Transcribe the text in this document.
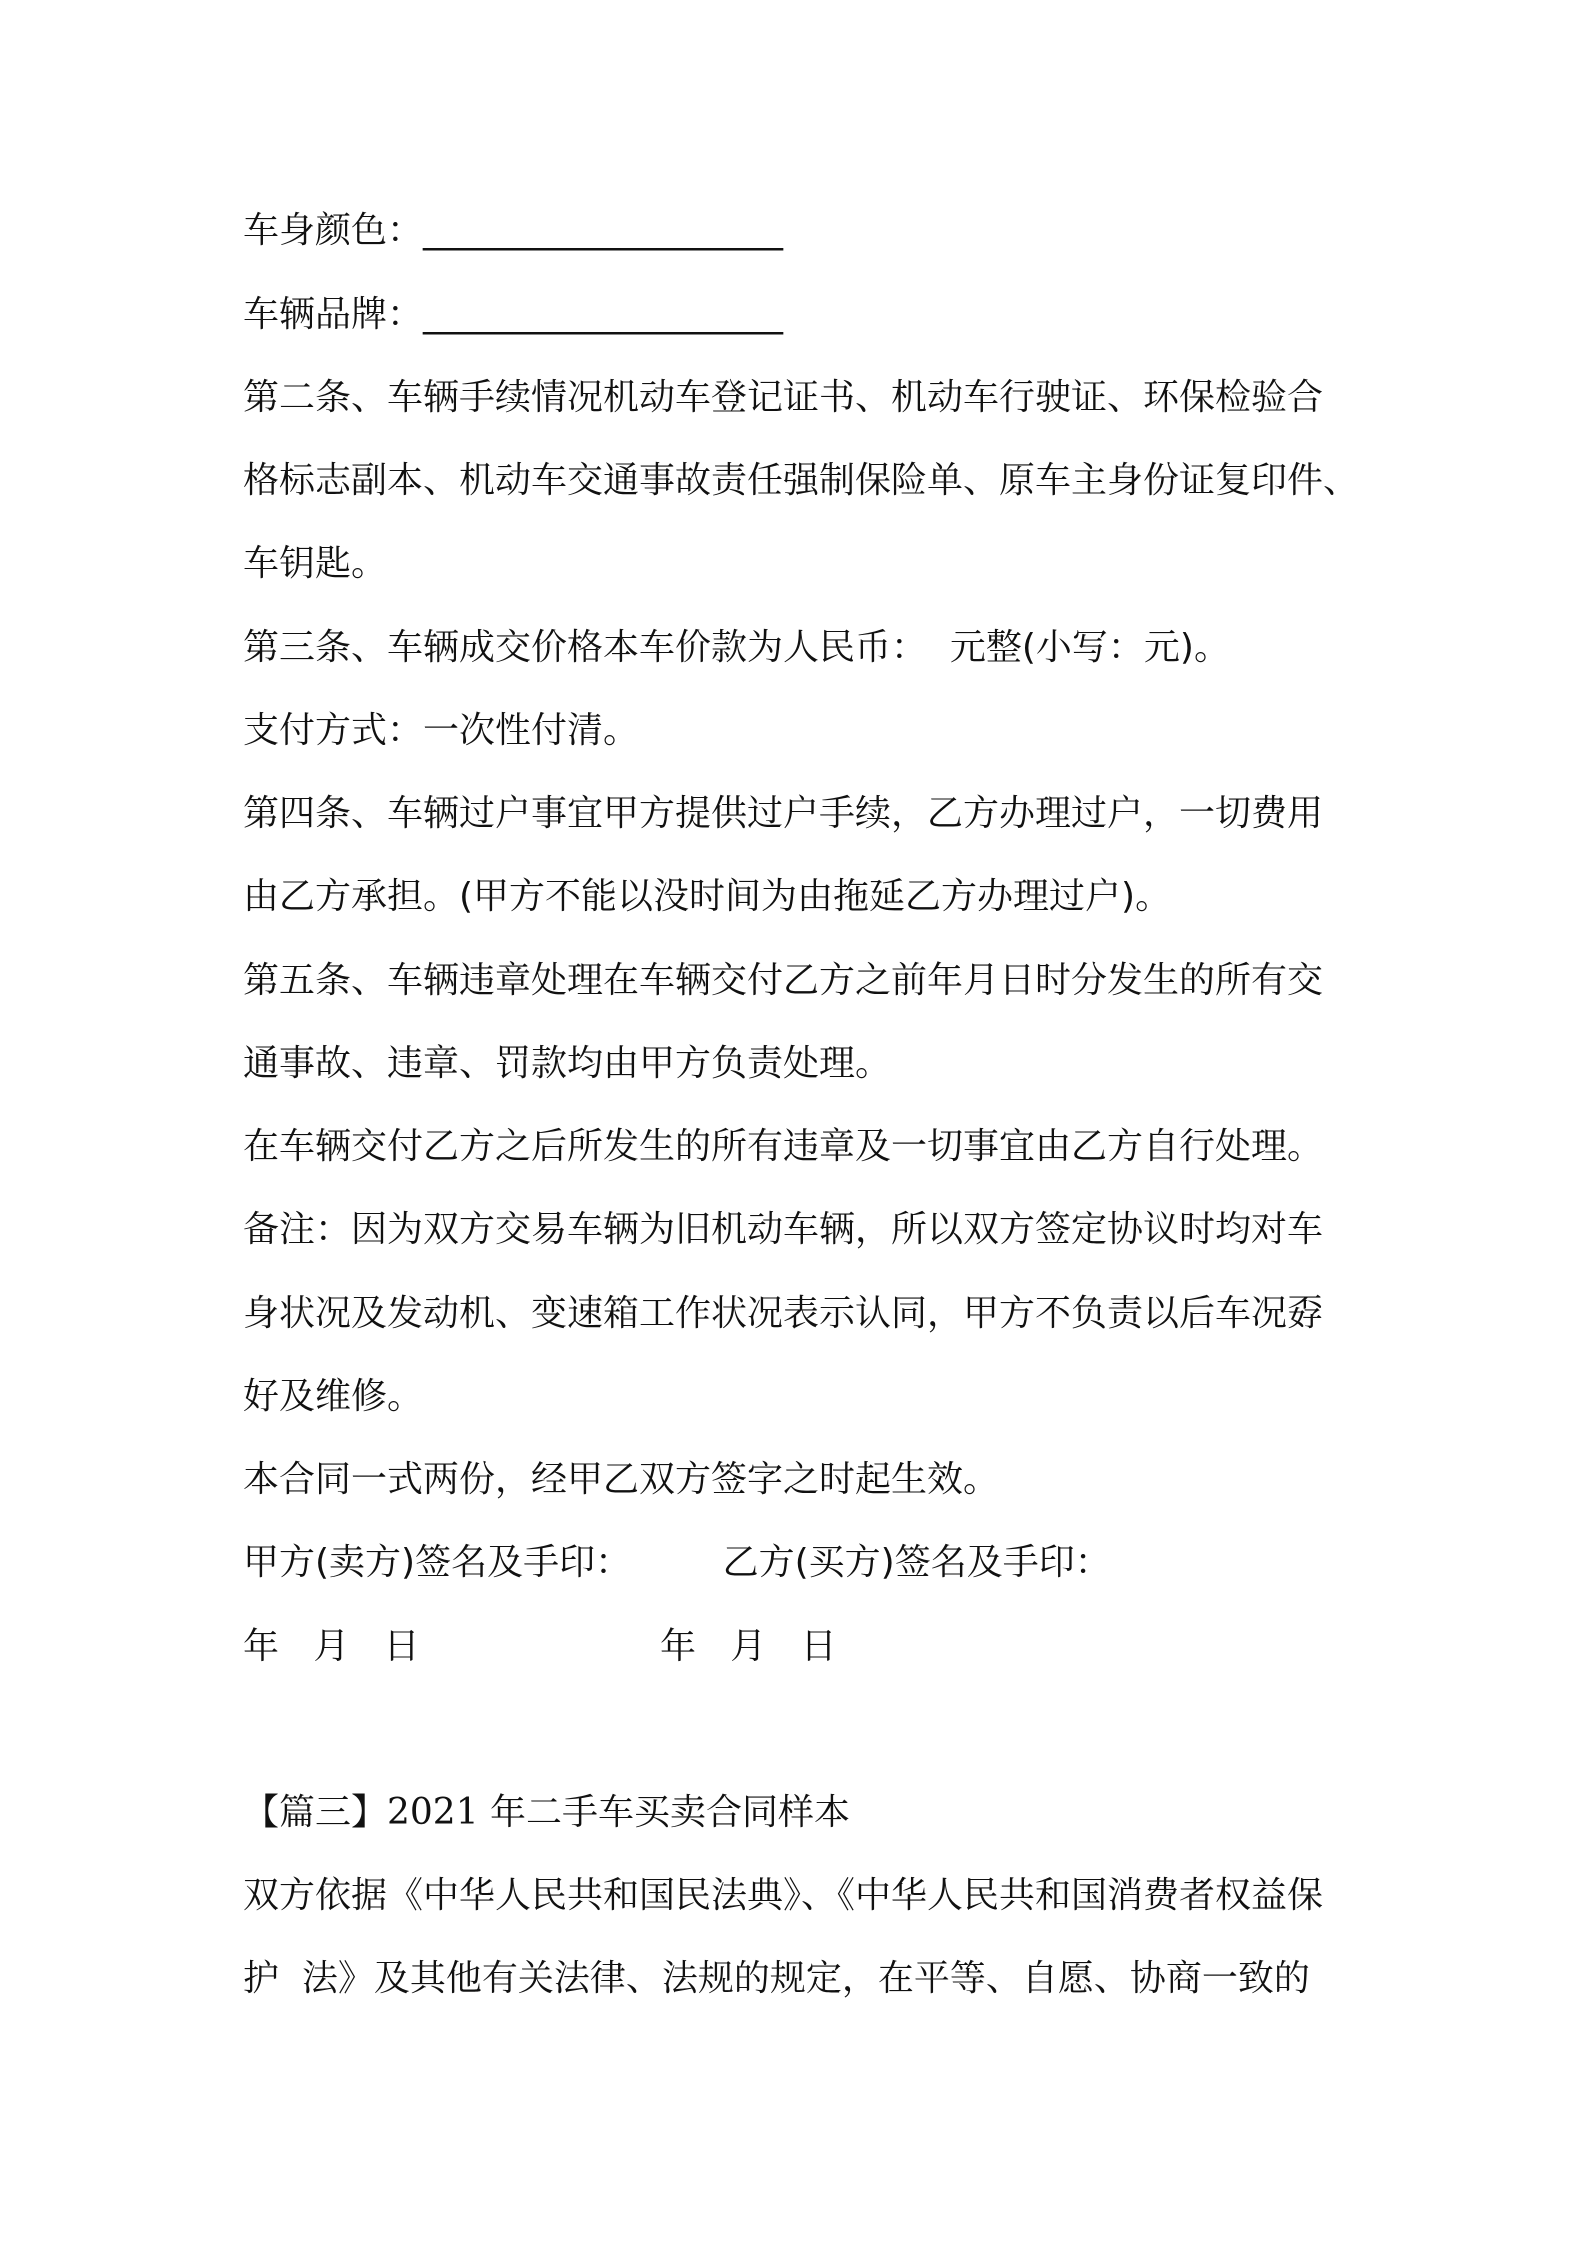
车身颜色：____________________

车辆品牌：____________________

第二条、车辆手续情况机动车登记证书、机动车行驶证、环保检验合

格标志副本、机动车交通事故责任强制保险单、原车主身份证复印件、

车钥匙。

第三条、车辆成交价格本车价款为人民币：  元整(小写：元)。

支付方式：一次性付清。

第四条、车辆过户事宜甲方提供过户手续，乙方办理过户，一切费用

由乙方承担。(甲方不能以没时间为由拖延乙方办理过户)。

第五条、车辆违章处理在车辆交付乙方之前年月日时分发生的所有交

通事故、违章、罚款均由甲方负责处理。

在车辆交付乙方之后所发生的所有违章及一切事宜由乙方自行处理。

备注：因为双方交易车辆为旧机动车辆，所以双方签定协议时均对车

身状况及发动机、变速箱工作状况表示认同，甲方不负责以后车况孬

好及维修。

本合同一式两份，经甲乙双方签字之时起生效。

甲方(卖方)签名及手印：        乙方(买方)签名及手印：

年   月   日                     年   月   日

【篇三】2021 年二手车买卖合同样本

双方依据《中华人民共和国民法典》、《中华人民共和国消费者权益保

护  法》及其他有关法律、法规的规定，在平等、自愿、协商一致的
